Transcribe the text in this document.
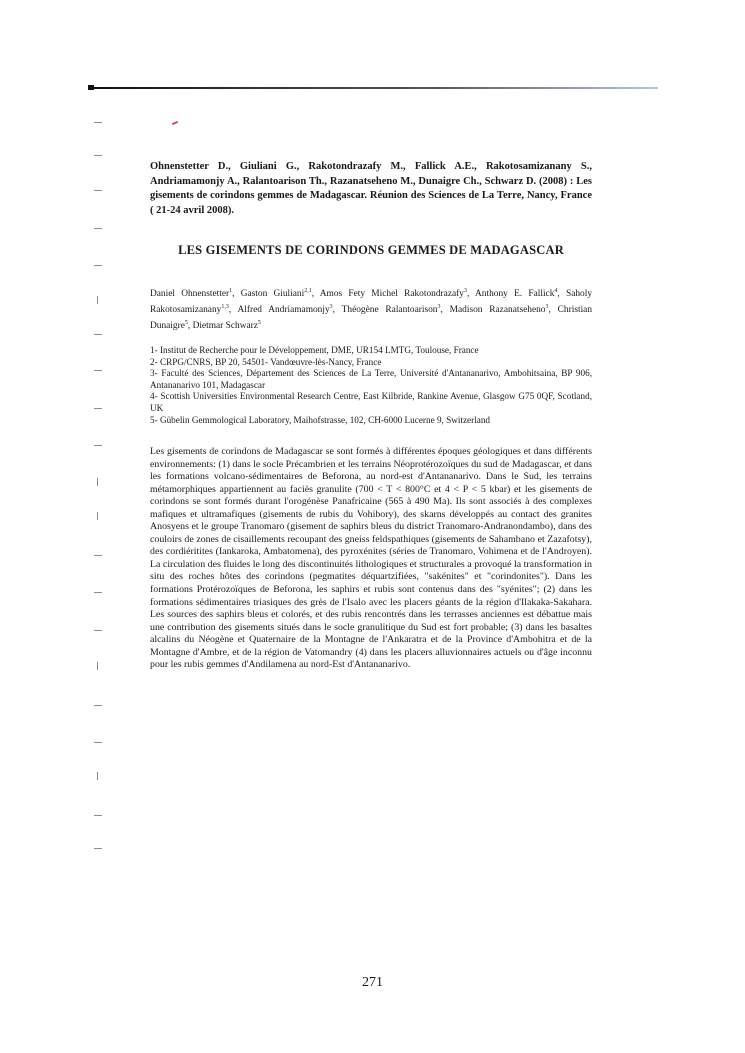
Ohnenstetter D., Giuliani G., Rakotondrazafy M., Fallick A.E., Rakotosamizanany S., Andriamamonjy A., Ralantoarison Th., Razanatseheno M., Dunaigre Ch., Schwarz D. (2008) : Les gisements de corindons gemmes de Madagascar. Réunion des Sciences de La Terre, Nancy, France ( 21-24 avril 2008).
LES GISEMENTS DE CORINDONS GEMMES DE MADAGASCAR
Daniel Ohnenstetter$^1$, Gaston Giuliani$^{2,1}$, Amos Fety Michel Rakotondrazafy$^3$, Anthony E. Fallick$^4$, Saholy Rakotosamizanany$^{1,3}$, Alfred Andriamamonjy$^3$, Théogène Ralantoarison$^3$, Madison Razanatseheno$^3$, Christian Dunaigre$^5$, Dietmar Schwarz$^5$
1- Institut de Recherche pour le Développement, DME, UR154 LMTG, Toulouse, France
2- CRPG/CNRS, BP 20, 54501- Vandœuvre-lès-Nancy, France
3- Faculté des Sciences, Département des Sciences de La Terre, Université d'Antananarivo, Ambohitsaina, BP 906, Antananarivo 101, Madagascar
4- Scottish Universities Environmental Research Centre, East Kilbride, Rankine Avenue, Glasgow G75 0QF, Scotland, UK
5- Gübelin Gemmological Laboratory, Maihofstrasse, 102, CH-6000 Lucerne 9, Switzerland
Les gisements de corindons de Madagascar se sont formés à différentes époques géologiques et dans différents environnements: (1) dans le socle Précambrien et les terrains Néoprotérozoïques du sud de Madagascar, et dans les formations volcano-sédimentaires de Beforona, au nord-est d'Antananarivo. Dans le Sud, les terrains métamorphiques appartiennent au faciès granulite (700 < T < 800°C et 4 < P < 5 kbar) et les gisements de corindons se sont formés durant l'orogénèse Panafricaine (565 à 490 Ma). Ils sont associés à des complexes mafiques et ultramafiques (gisements de rubis du Vohibory), des skarns développés au contact des granites Anosyens et le groupe Tranomaro (gisement de saphirs bleus du district Tranomaro-Andranondambo), dans des couloirs de zones de cisaillements recoupant des gneiss feldspathiques (gisements de Sahambano et Zazafotsy), des cordiéritites (Iankaroka, Ambatomena), des pyroxénites (séries de Tranomaro, Vohimena et de l'Androyen). La circulation des fluides le long des discontinuités lithologiques et structurales a provoqué la transformation in situ des roches hôtes des corindons (pegmatites déquartzifiées, "sakénites" et "corindonites"). Dans les formations Protérozoïques de Beforona, les saphirs et rubis sont contenus dans des "syénites"; (2) dans les formations sédimentaires triasiques des grès de l'Isalo avec les placers géants de la région d'Ilakaka-Sakahara. Les sources des saphirs bleus et colorés, et des rubis rencontrés dans les terrasses anciennes est débattue mais une contribution des gisements situés dans le socle granulitique du Sud est fort probable; (3) dans les basaltes alcalins du Néogène et Quaternaire de la Montagne de l'Ankaratra et de la Province d'Ambohitra et de la Montagne d'Ambre, et de la région de Vatomandry (4) dans les placers alluvionnaires actuels ou d'âge inconnu pour les rubis gemmes d'Andilamena au nord-Est d'Antananarivo.
271
